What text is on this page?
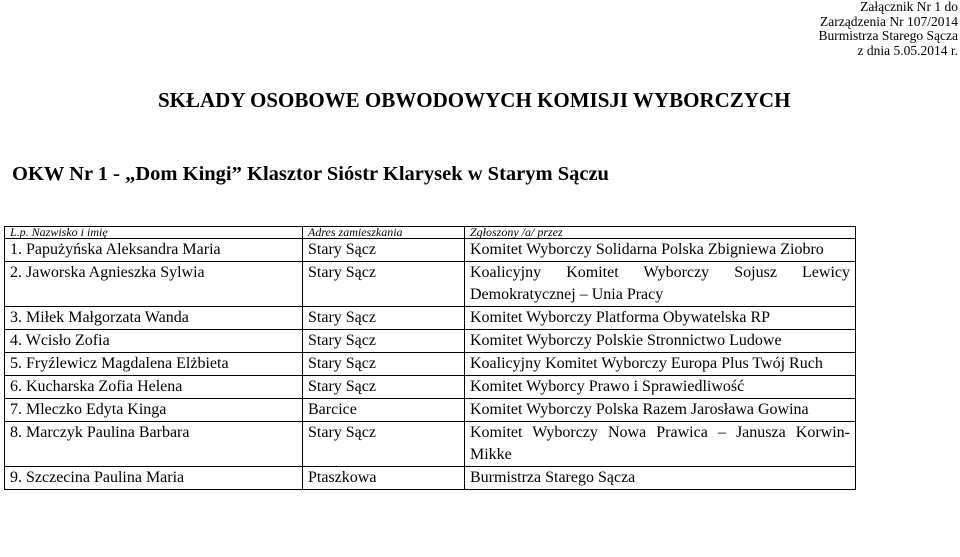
Załącznik Nr 1 do
Zarządzenia Nr 107/2014
Burmistrza Starego Sącza
z dnia 5.05.2014 r.
SKŁADY OSOBOWE OBWODOWYCH KOMISJI WYBORCZYCH
OKW Nr 1 - „Dom Kingi” Klasztor Sióstr Klarysek w Starym Sączu
L.p. Nazwisko i imię	Adres zamieszkania	Zgłoszony /a/ przez
1. Papużyńska Aleksandra Maria	Stary Sącz	Komitet Wyborczy Solidarna Polska Zbigniewa Ziobro
2. Jaworska Agnieszka Sylwia	Stary Sącz	Koalicyjny Komitet Wyborczy Sojusz Lewicy Demokratycznej – Unia Pracy
3. Miłek Małgorzata Wanda	Stary Sącz	Komitet Wyborczy Platforma Obywatelska RP
4. Wcisło Zofia	Stary Sącz	Komitet Wyborczy Polskie Stronnictwo Ludowe
5. Fryźlewicz Magdalena Elżbieta	Stary Sącz	Koalicyjny Komitet Wyborczy Europa Plus Twój Ruch
6. Kucharska Zofia Helena	Stary Sącz	Komitet Wyborcy Prawo i Sprawiedliwość
7. Mleczko Edyta Kinga	Barcice	Komitet Wyborczy Polska Razem Jarosława Gowina
8. Marczyk Paulina Barbara	Stary Sącz	Komitet Wyborczy Nowa Prawica – Janusza Korwin-Mikke
9. Szczecina Paulina Maria	Ptaszkowa	Burmistrza Starego Sącza
